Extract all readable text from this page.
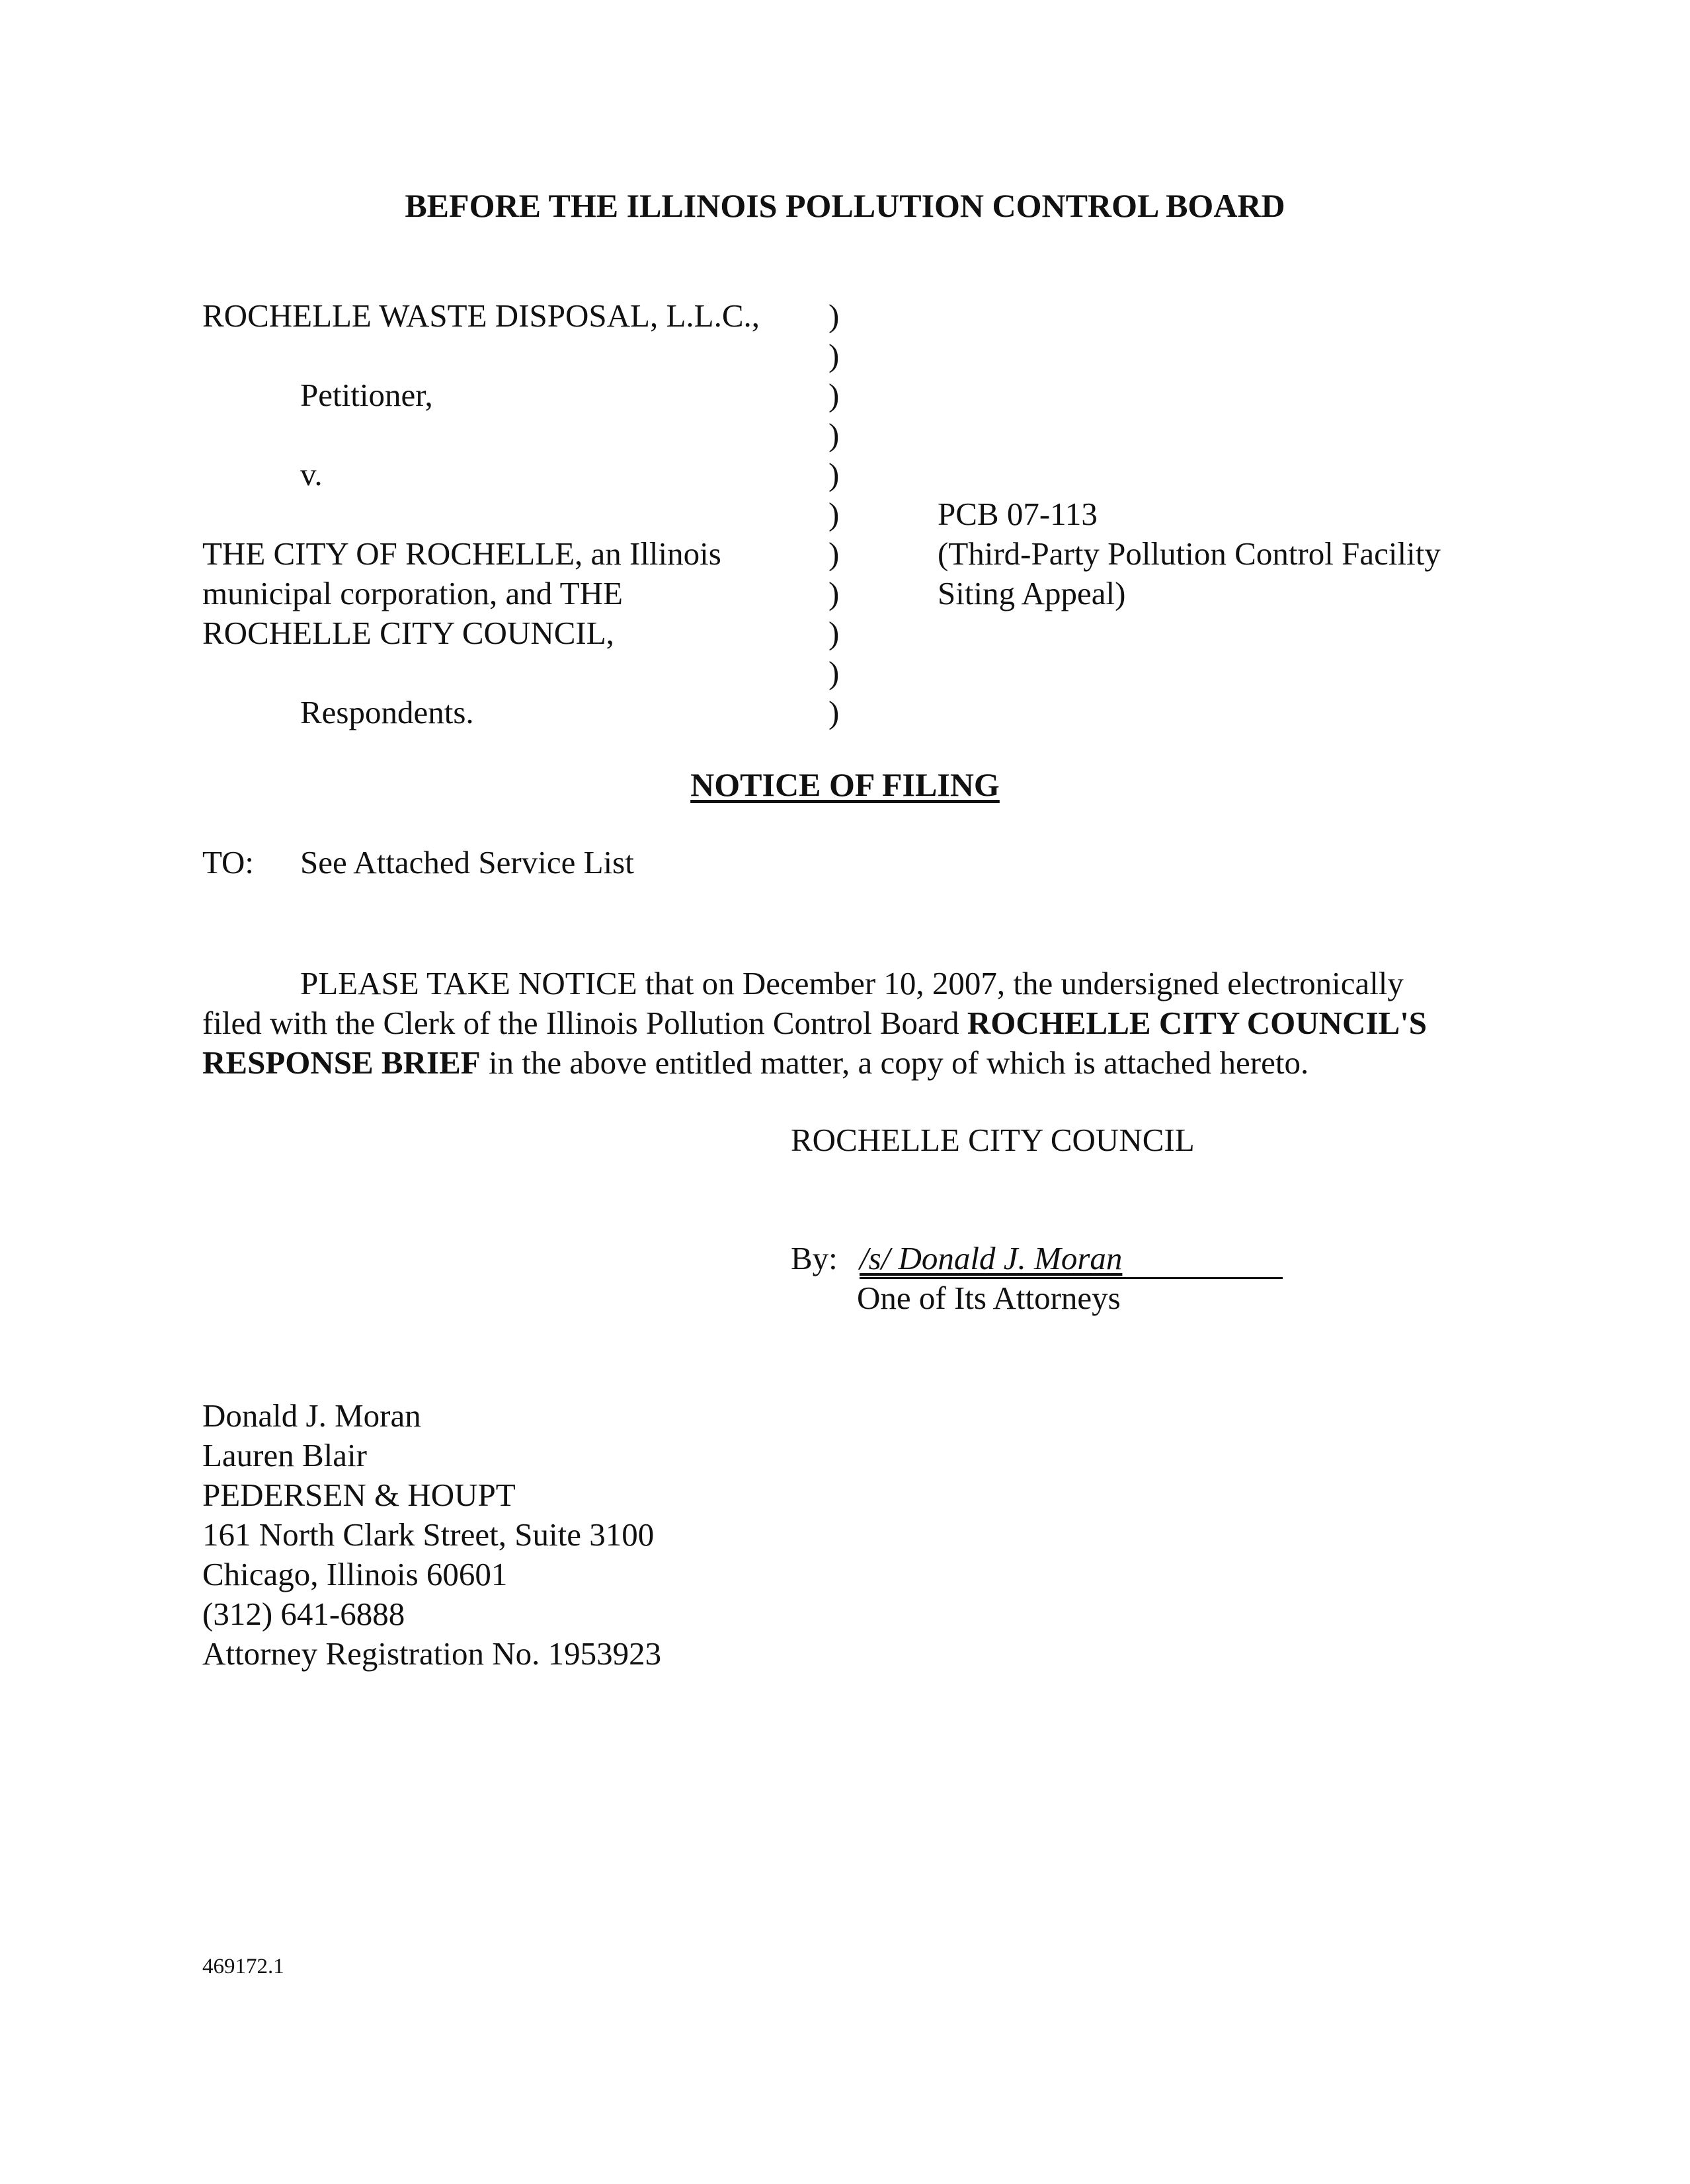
BEFORE THE ILLINOIS POLLUTION CONTROL BOARD
ROCHELLE WASTE DISPOSAL, L.L.C.,
Petitioner,
v.
THE CITY OF ROCHELLE, an Illinois
municipal corporation, and THE
ROCHELLE CITY COUNCIL,
Respondents.
)
)
)
)
)
)
)
)
)
)
)
PCB 07-113
(Third-Party Pollution Control Facility
Siting Appeal)
NOTICE OF FILING
TO: See Attached Service List
PLEASE TAKE NOTICE that on December 10, 2007, the undersigned electronically
filed with the Clerk of the Illinois Pollution Control Board ROCHELLE CITY COUNCIL'S
RESPONSE BRIEF in the above entitled matter, a copy of which is attached hereto.
ROCHELLE CITY COUNCIL
By: /s/ Donald J. Moran
One of Its Attorneys
Donald J. Moran
Lauren Blair
PEDERSEN & HOUPT
161 North Clark Street, Suite 3100
Chicago, Illinois 60601
(312) 641-6888
Attorney Registration No. 1953923
469172.1
